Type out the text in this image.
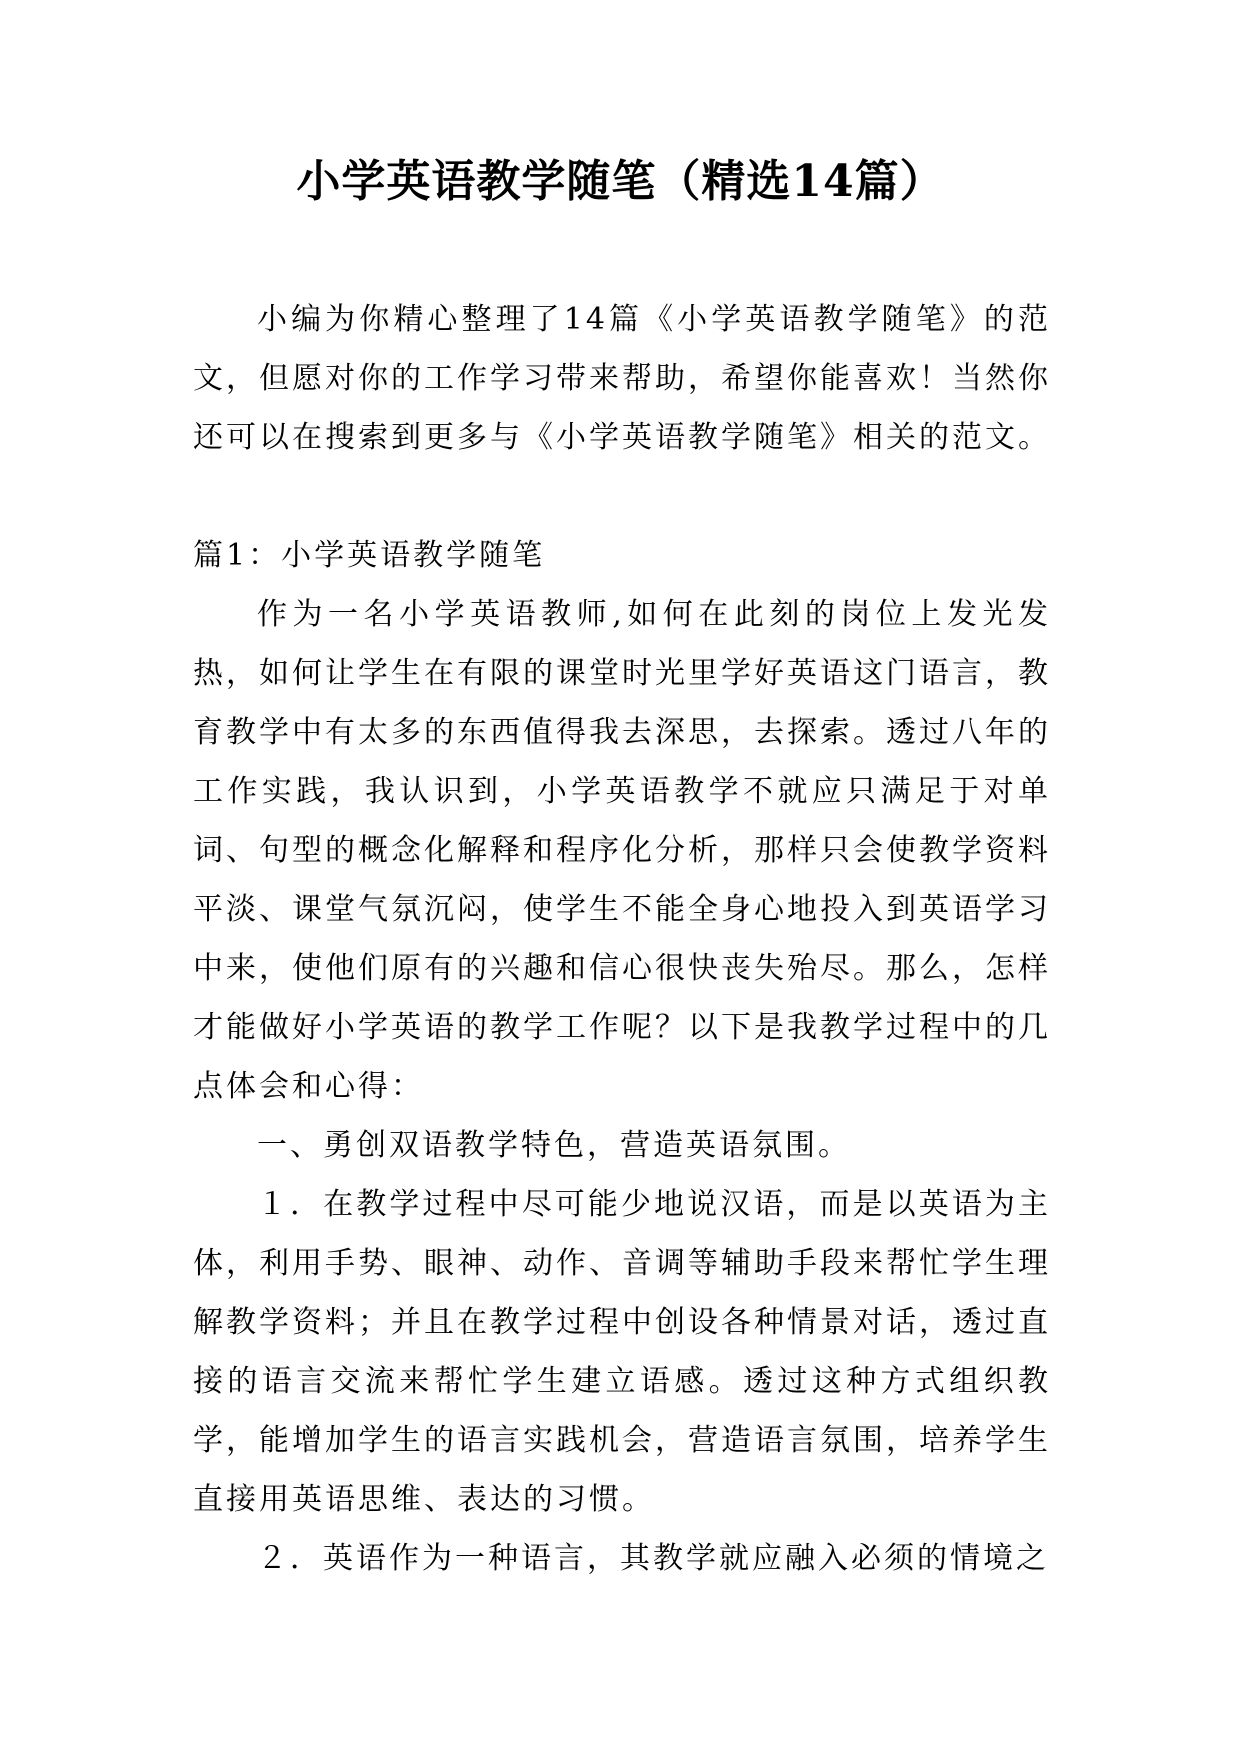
小学英语教学随笔（精选14篇）

小编为你精心整理了14篇《小学英语教学随笔》的范文，但愿对你的工作学习带来帮助，希望你能喜欢！当然你还可以在搜索到更多与《小学英语教学随笔》相关的范文。

篇1：小学英语教学随笔

作为一名小学英语教师,如何在此刻的岗位上发光发热，如何让学生在有限的课堂时光里学好英语这门语言，教育教学中有太多的东西值得我去深思，去探索。透过八年的工作实践，我认识到，小学英语教学不就应只满足于对单词、句型的概念化解释和程序化分析，那样只会使教学资料平淡、课堂气氛沉闷，使学生不能全身心地投入到英语学习中来，使他们原有的兴趣和信心很快丧失殆尽。那么，怎样才能做好小学英语的教学工作呢？以下是我教学过程中的几点体会和心得：

一、勇创双语教学特色，营造英语氛围。

１．在教学过程中尽可能少地说汉语，而是以英语为主体，利用手势、眼神、动作、音调等辅助手段来帮忙学生理解教学资料；并且在教学过程中创设各种情景对话，透过直接的语言交流来帮忙学生建立语感。透过这种方式组织教学，能增加学生的语言实践机会，营造语言氛围，培养学生直接用英语思维、表达的习惯。

２．英语作为一种语言，其教学就应融入必须的情境之
